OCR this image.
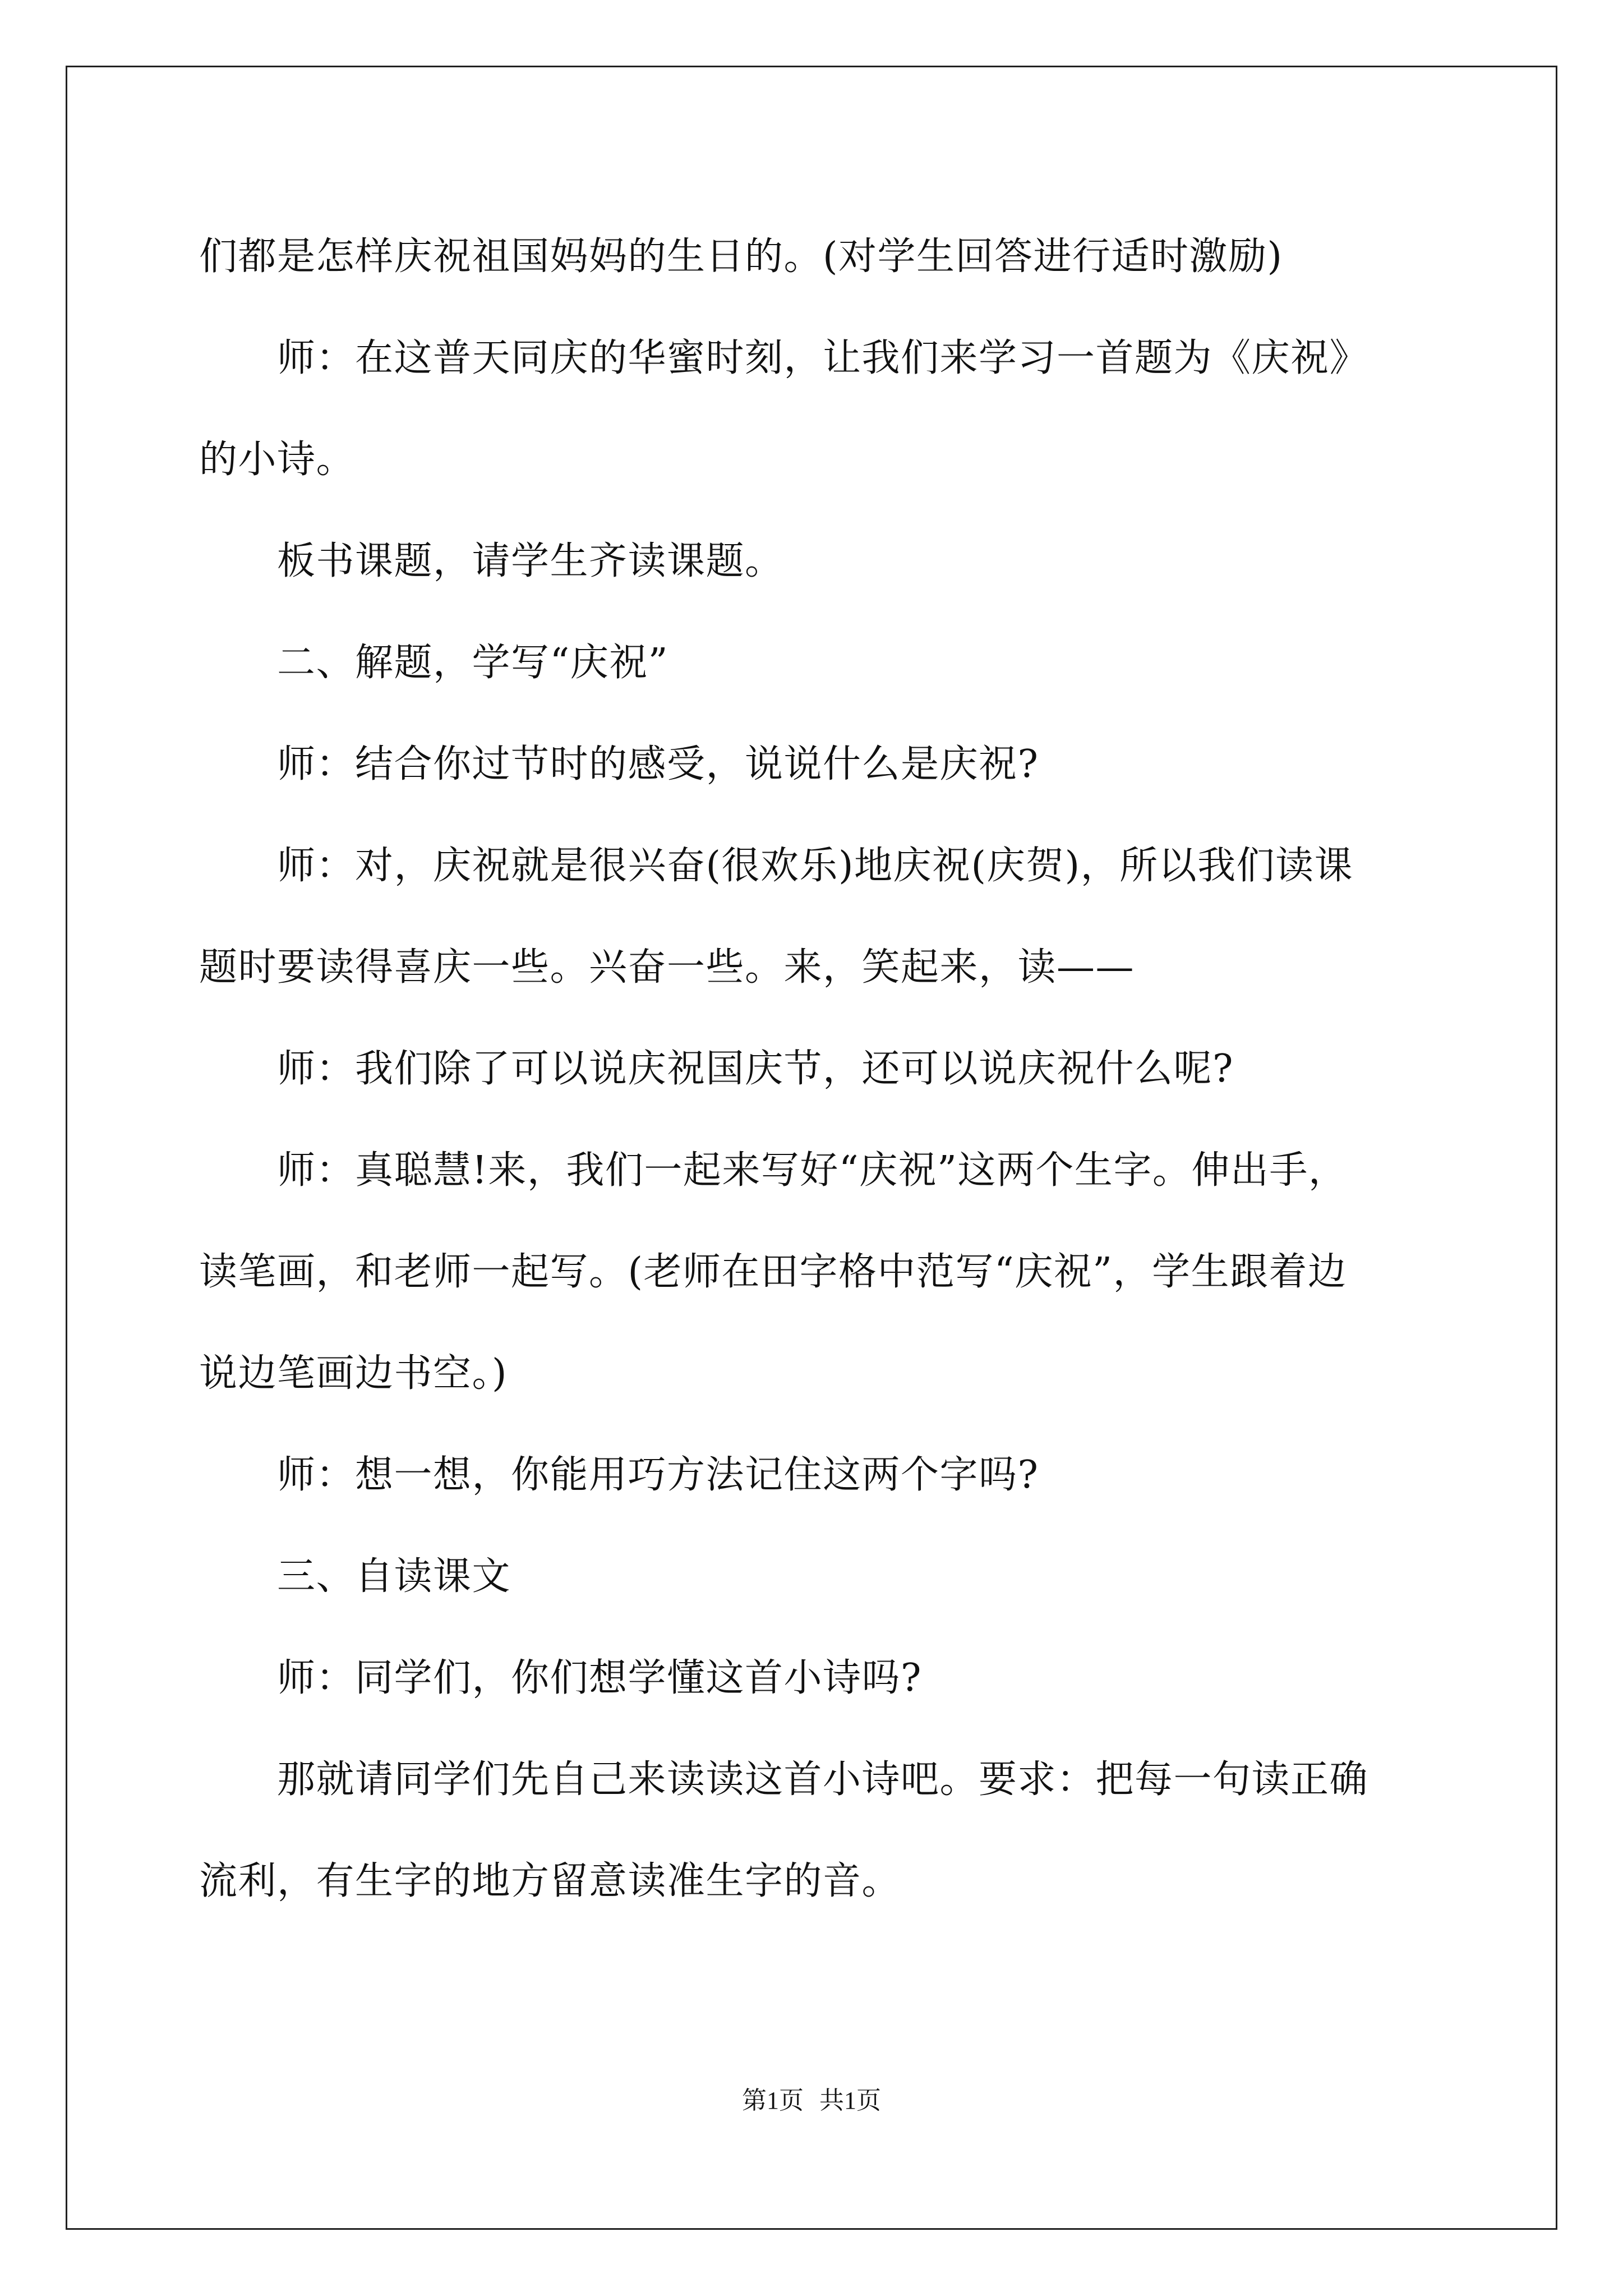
们都是怎样庆祝祖国妈妈的生日的。(对学生回答进行适时激励)
　　师：在这普天同庆的华蜜时刻，让我们来学习一首题为《庆祝》
的小诗。
　　板书课题，请学生齐读课题。
　　二、解题，学写“庆祝”
　　师：结合你过节时的感受，说说什么是庆祝?
　　师：对，庆祝就是很兴奋(很欢乐)地庆祝(庆贺)，所以我们读课
题时要读得喜庆一些。兴奋一些。来，笑起来，读——
　　师：我们除了可以说庆祝国庆节，还可以说庆祝什么呢?
　　师：真聪慧!来，我们一起来写好“庆祝”这两个生字。伸出手，
读笔画，和老师一起写。(老师在田字格中范写“庆祝”，学生跟着边
说边笔画边书空。)
　　师：想一想，你能用巧方法记住这两个字吗?
　　三、自读课文
　　师：同学们，你们想学懂这首小诗吗?
　　那就请同学们先自己来读读这首小诗吧。要求：把每一句读正确
流利，有生字的地方留意读准生字的音。
第1页 共1页
